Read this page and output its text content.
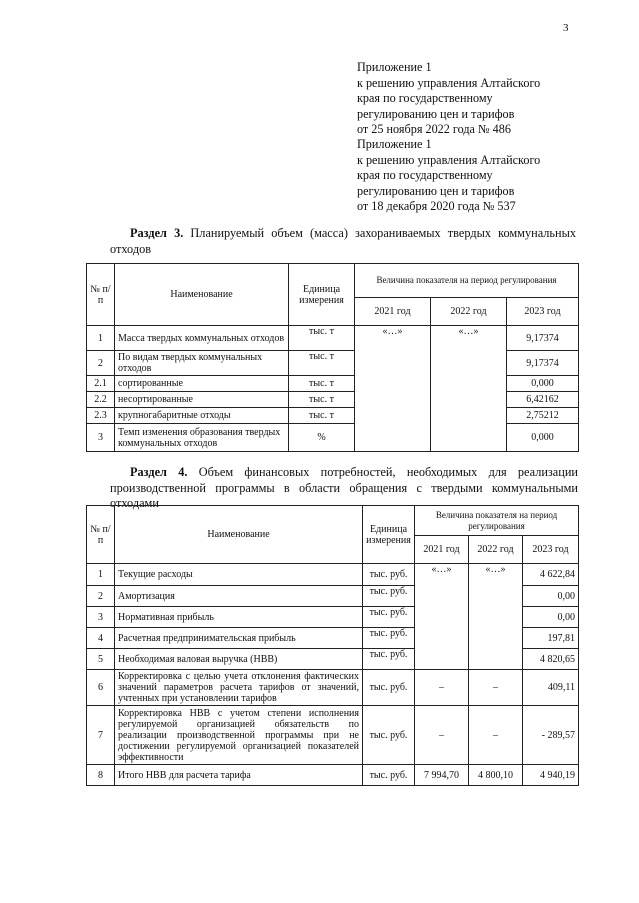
3
Приложение 1
к решению управления Алтайского
края по государственному
регулированию цен и тарифов
от 25 ноября 2022 года № 486
Приложение 1
к решению управления Алтайского
края по государственному
регулированию цен и тарифов
от 18 декабря 2020 года № 537
Раздел 3. Планируемый объем (масса) захораниваемых твердых коммунальных отходов
№ п/п	Наименование	Единица измерения	Величина показателя на период регулирования		
			2021 год	2022 год	2023 год
1	Масса твердых коммунальных отходов	тыс. т	«…»	«…»	9,17374
2	По видам твердых коммунальных отходов	тыс. т			9,17374
2.1	сортированные	тыс. т			0,000
2.2	несортированные	тыс. т			6,42162
2.3	крупногабаритные отходы	тыс. т			2,75212
3	Темп изменения образования твердых коммунальных отходов	%			0,000
Раздел 4. Объем финансовых потребностей, необходимых для реализации производственной программы в области обращения с твердыми коммунальными отходами
№ п/п	Наименование	Единица измерения	Величина показателя на период регулирования		
			2021 год	2022 год	2023 год
1	Текущие расходы	тыс. руб.	«…»	«…»	4 622,84
2	Амортизация	тыс. руб.			0,00
3	Нормативная прибыль	тыс. руб.			0,00
4	Расчетная предпринимательская прибыль	тыс. руб.			197,81
5	Необходимая валовая выручка (НВВ)	тыс. руб.			4 820,65
6	Корректировка с целью учета отклонения фактических значений параметров расчета тарифов от значений, учтенных при установлении тарифов	тыс. руб.	–	–	409,11
7	Корректировка НВВ с учетом степени исполнения регулируемой организацией обязательств по реализации производственной программы при не достижении регулируемой организацией показателей эффективности	тыс. руб.	–	–	- 289,57
8	Итого НВВ для расчета тарифа	тыс. руб.	7 994,70	4 800,10	4 940,19
